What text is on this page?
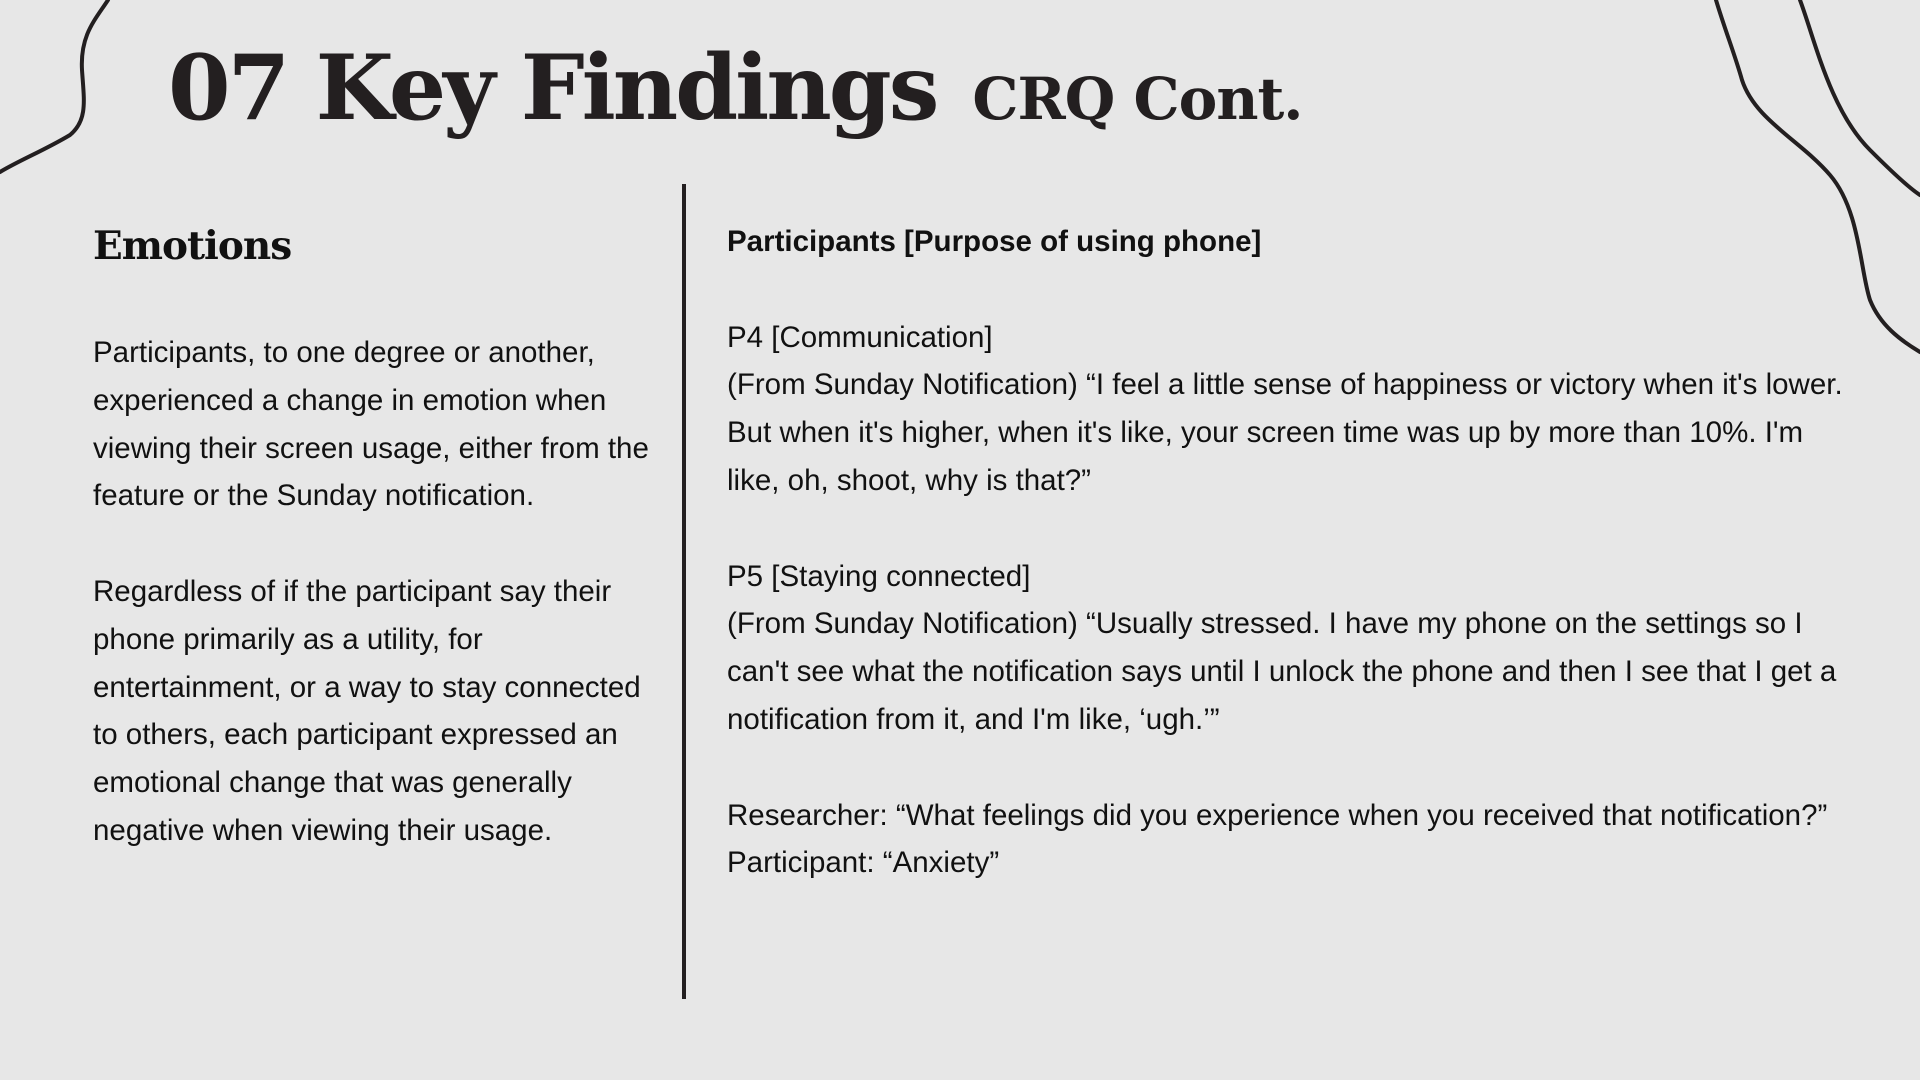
07 Key Findings CRQ Cont.
Emotions

Participants, to one degree or another, experienced a change in emotion when viewing their screen usage, either from the feature or the Sunday notification.

Regardless of if the participant say their phone primarily as a utility, for entertainment, or a way to stay connected to others, each participant expressed an emotional change that was generally negative when viewing their usage.

Participants [Purpose of using phone]

P4 [Communication]

(From Sunday Notification) “I feel a little sense of happiness or victory when it's lower. But when it's higher, when it's like, your screen time was up by more than 10%. I'm like, oh, shoot, why is that?”

P5 [Staying connected]

(From Sunday Notification) “Usually stressed. I have my phone on the settings so I can't see what the notification says until I unlock the phone and then I see that I get a notification from it, and I'm like, ‘ugh.’”

Researcher: “What feelings did you experience when you received that notification?”

Participant: “Anxiety”
